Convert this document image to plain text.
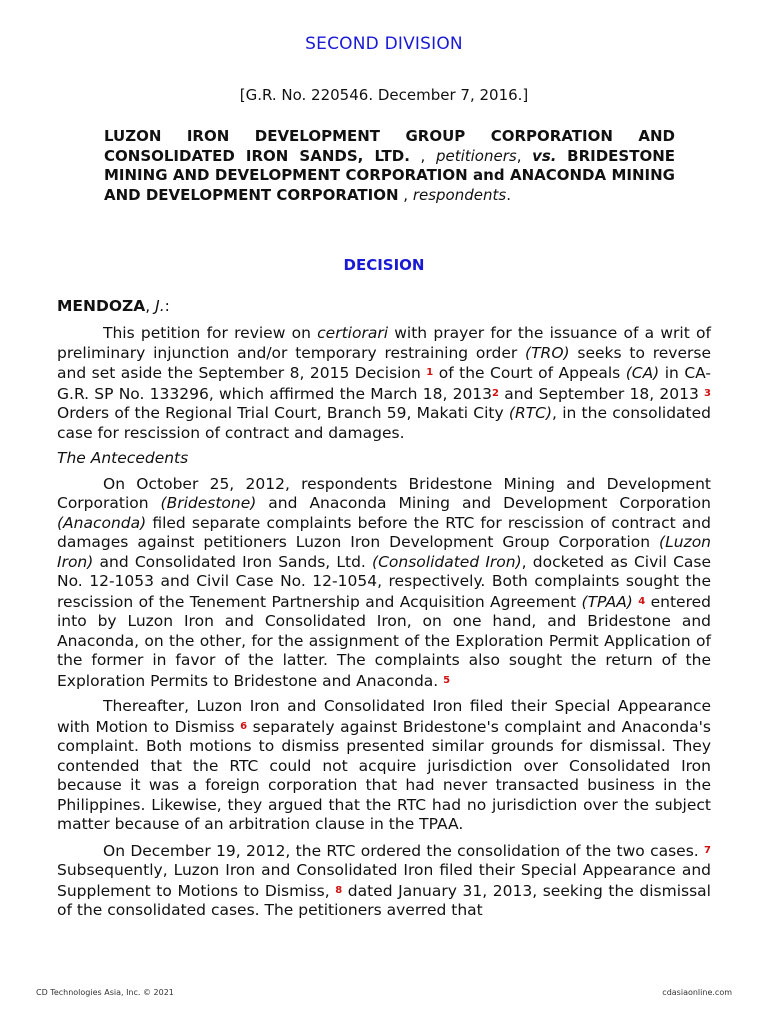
SECOND DIVISION
[G.R. No. 220546. December 7, 2016.]
LUZON IRON DEVELOPMENT GROUP CORPORATION AND CONSOLIDATED IRON SANDS, LTD. , petitioners, vs. BRIDESTONE MINING AND DEVELOPMENT CORPORATION and ANACONDA MINING AND DEVELOPMENT CORPORATION , respondents.
DECISION
MENDOZA, J.:

This petition for review on certiorari with prayer for the issuance of a writ of preliminary injunction and/or temporary restraining order (TRO) seeks to reverse and set aside the September 8, 2015 Decision 1 of the Court of Appeals (CA) in CA-G.R. SP No. 133296, which affirmed the March 18, 20132 and September 18, 2013 3 Orders of the Regional Trial Court, Branch 59, Makati City (RTC), in the consolidated case for rescission of contract and damages.

The Antecedents

On October 25, 2012, respondents Bridestone Mining and Development Corporation (Bridestone) and Anaconda Mining and Development Corporation (Anaconda) filed separate complaints before the RTC for rescission of contract and damages against petitioners Luzon Iron Development Group Corporation (Luzon Iron) and Consolidated Iron Sands, Ltd. (Consolidated Iron), docketed as Civil Case No. 12-1053 and Civil Case No. 12-1054, respectively. Both complaints sought the rescission of the Tenement Partnership and Acquisition Agreement (TPAA) 4 entered into by Luzon Iron and Consolidated Iron, on one hand, and Bridestone and Anaconda, on the other, for the assignment of the Exploration Permit Application of the former in favor of the latter. The complaints also sought the return of the Exploration Permits to Bridestone and Anaconda. 5

Thereafter, Luzon Iron and Consolidated Iron filed their Special Appearance with Motion to Dismiss 6 separately against Bridestone's complaint and Anaconda's complaint. Both motions to dismiss presented similar grounds for dismissal. They contended that the RTC could not acquire jurisdiction over Consolidated Iron because it was a foreign corporation that had never transacted business in the Philippines. Likewise, they argued that the RTC had no jurisdiction over the subject matter because of an arbitration clause in the TPAA.

On December 19, 2012, the RTC ordered the consolidation of the two cases. 7 Subsequently, Luzon Iron and Consolidated Iron filed their Special Appearance and Supplement to Motions to Dismiss, 8 dated January 31, 2013, seeking the dismissal of the consolidated cases. The petitioners averred that

CD Technologies Asia, Inc. © 2021	cdasiaonline.com
